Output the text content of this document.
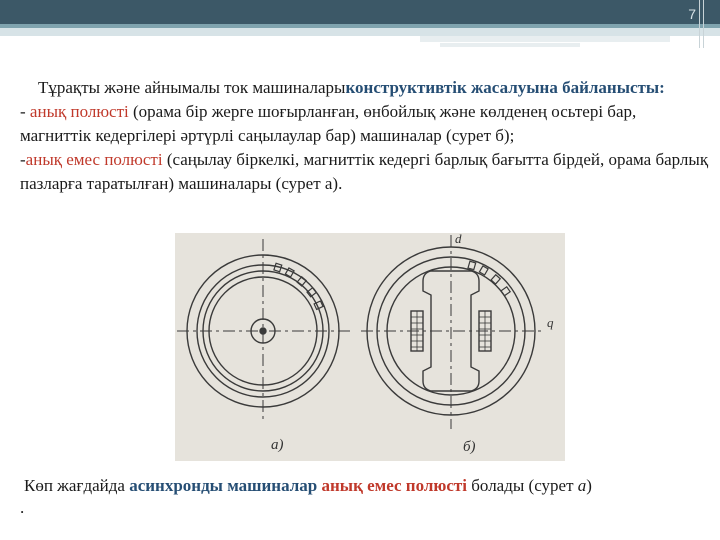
7

Тұрақты және айнымалы ток машиналарыконструктивтік жасалуына байланысты:

- анық полюсті (орама бір жерге шоғырланған, өнбойлық және көлденең осьтері бар, магниттік кедергілері әртүрлі саңылаулар бар) машиналар (сурет б);

-анық емес полюсті (саңылау біркелкі, магниттік кедергі барлық бағытта бірдей, орама барлық пазларға таратылған) машиналары (сурет а).

а)	б)
d
q
Көп жағдайда асинхронды машиналар анық емес полюсті болады (сурет а)
.
